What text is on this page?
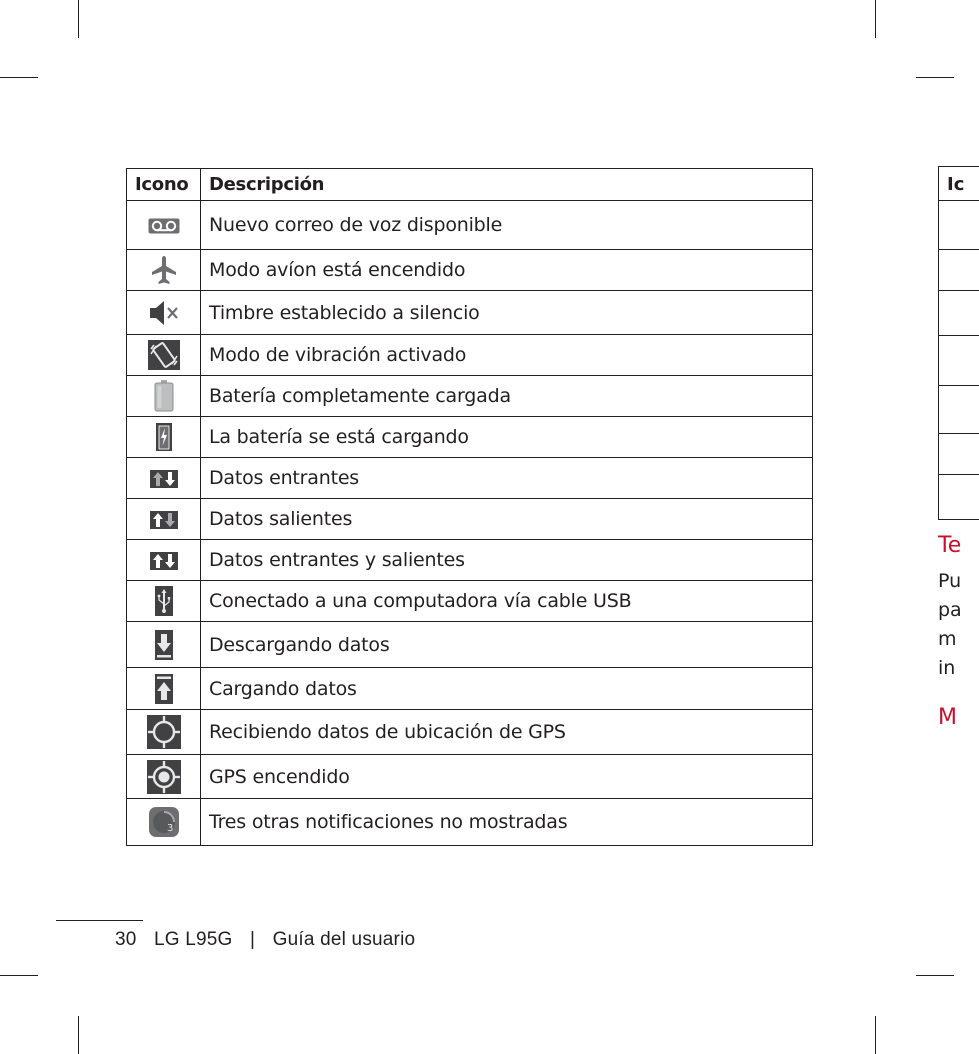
Icono	Descripción
	Nuevo correo de voz disponible
	Modo avíon está encendido
	Timbre establecido a silencio
	Modo de vibración activado
	Batería completamente cargada
	La batería se está cargando
	Datos entrantes
	Datos salientes
	Datos entrantes y salientes
	Conectado a una computadora vía cable USB
	Descargando datos
	Cargando datos
	Recibiendo datos de ubicación de GPS
	GPS encendido

3	Tres otras notificaciones no mostradas
Ic
Te
Pu
pa
m
in
M
30 LG L95G | Guía del usuario
